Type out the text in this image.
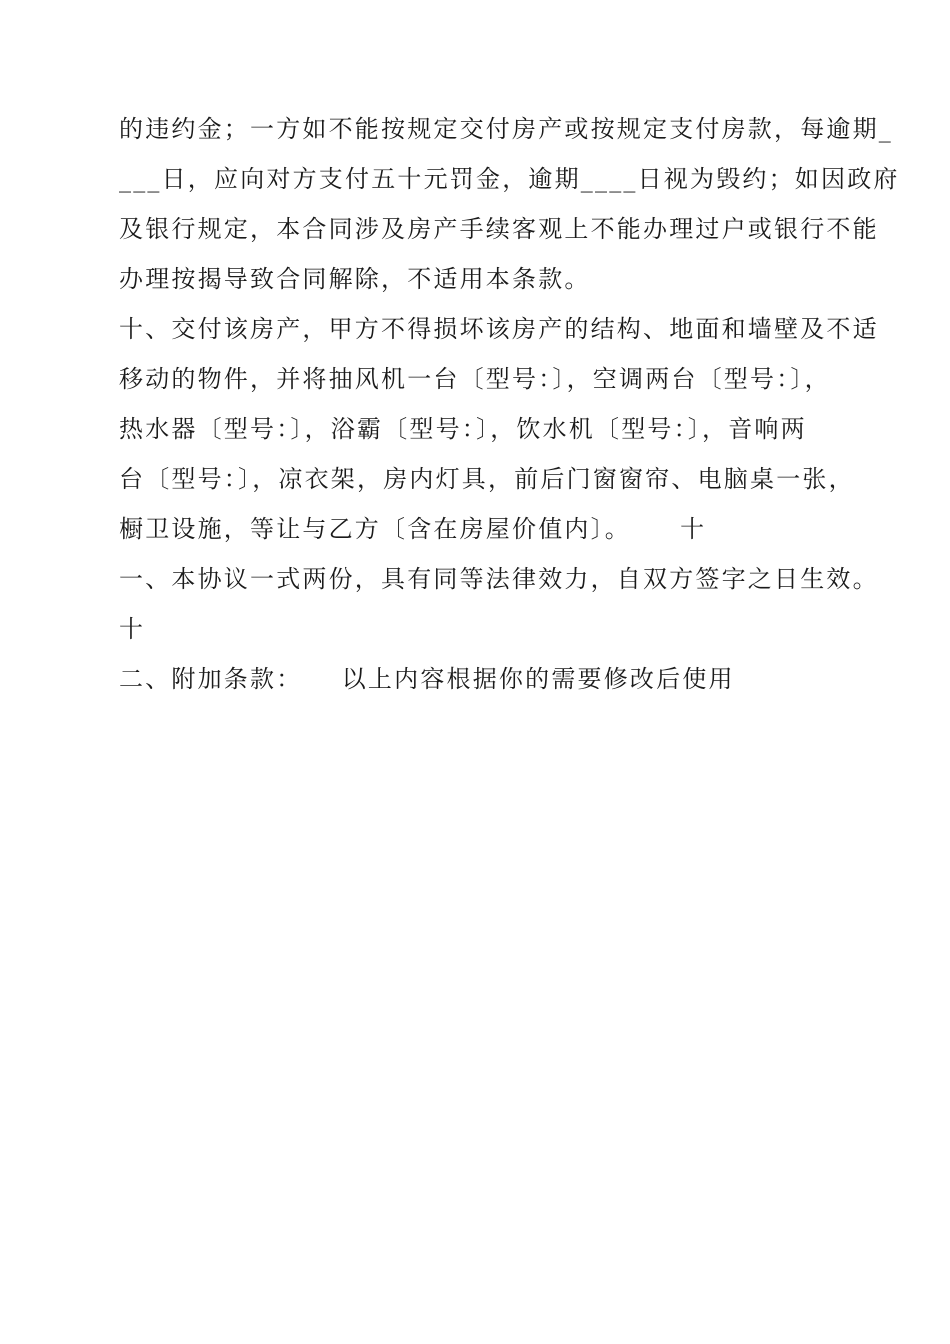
的违约金；一方如不能按规定交付房产或按规定支付房款，每逾期_
___日，应向对方支付五十元罚金，逾期____日视为毁约；如因政府
及银行规定，本合同涉及房产手续客观上不能办理过户或银行不能
办理按揭导致合同解除，不适用本条款。
十、交付该房产，甲方不得损坏该房产的结构、地面和墙壁及不适
移动的物件，并将抽风机一台〔型号：〕，空调两台〔型号：〕，
热水器〔型号：〕，浴霸〔型号：〕，饮水机〔型号：〕，音响两
台〔型号：〕，凉衣架，房内灯具，前后门窗窗帘、电脑桌一张，
橱卫设施，等让与乙方〔含在房屋价值内〕。     十
一、本协议一式两份，具有同等法律效力，自双方签字之日生效。
十
二、附加条款：    以上内容根据你的需要修改后使用
